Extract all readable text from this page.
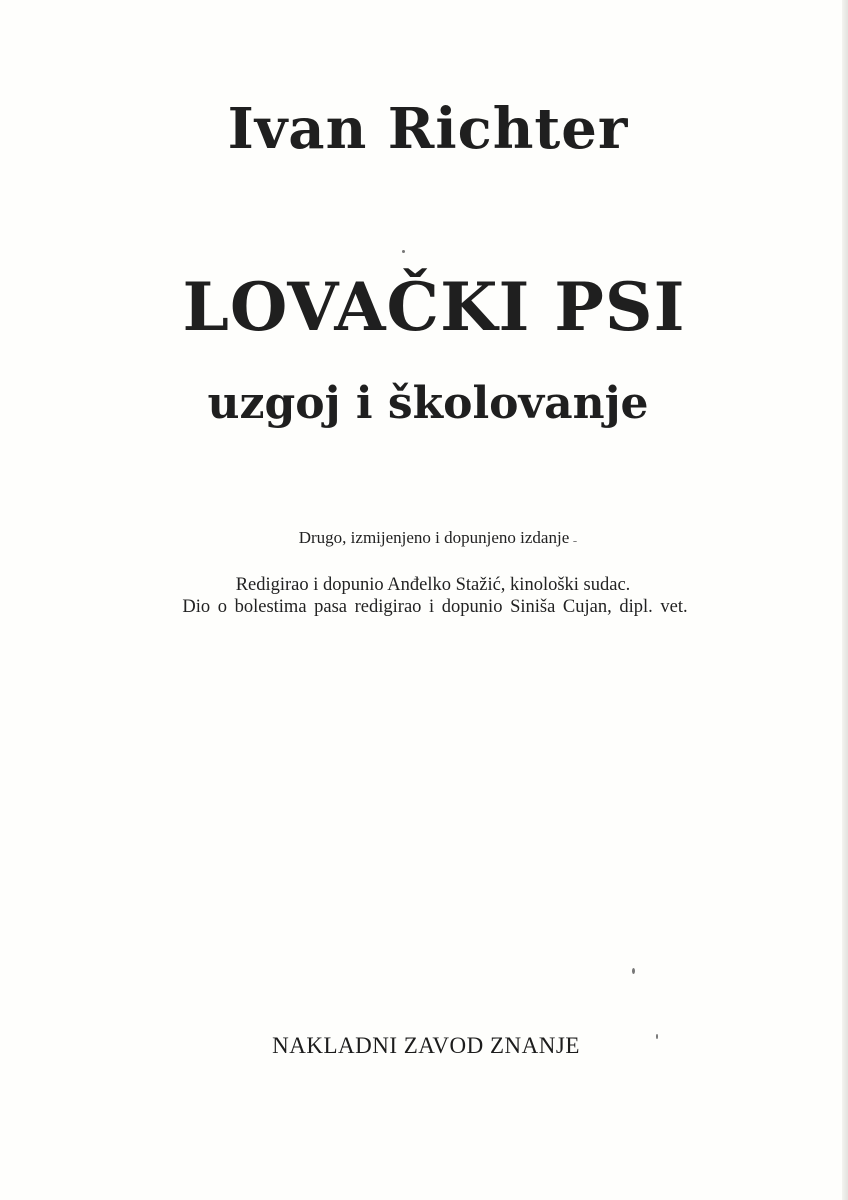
Ivan Richter
LOVAČKI PSI
uzgoj i školovanje
Drugo, izmijenjeno i dopunjeno izdanje
Redigirao i dopunio Anđelko Stažić, kinološki sudac.
Dio o bolestima pasa redigirao i dopunio Siniša Cujan, dipl. vet.
NAKLADNI ZAVOD ZNANJE
